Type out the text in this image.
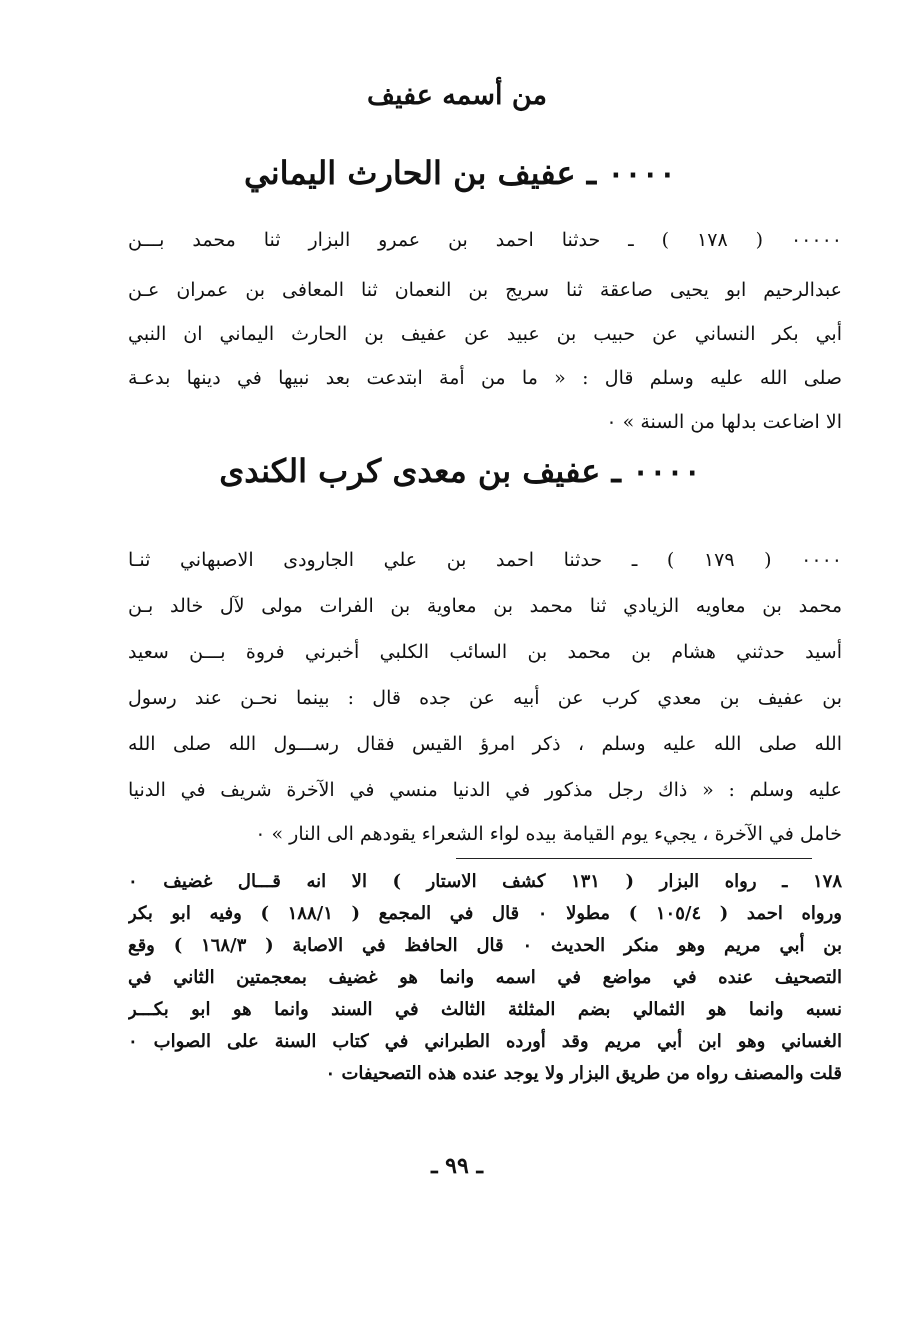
من أسمه عفيف
٠٠٠٠ ـ عفيف بن الحارث اليماني
٠٠٠٠٠ ( ١٧٨ ) ـ حدثنا احمد بن عمرو البزار ثنا محمد بـــن
عبدالرحيم ابو يحيى صاعقة ثنا سريج بن النعمان ثنا المعافى بن عمران عـن
أبي بكر النساني عن حبيب بن عبيد عن عفيف بن الحارث اليماني ان النبي
صلى الله عليه وسلم قال : « ما من أمة ابتدعت بعد نبيها في دينها بدعـة
الا اضاعت بدلها من السنة » ٠
٠٠٠٠ ـ عفيف بن معدى كرب الكندى
٠٠٠٠ ( ١٧٩ ) ـ حدثنا احمد بن علي الجارودى الاصبهاني ثنـا
محمد بن معاويه الزيادي ثنا محمد بن معاوية بن الفرات مولى لآل خالد بـن
أسيد حدثني هشام بن محمد بن السائب الكلبي أخبرني فروة بـــن سعيد
بن عفيف بن معدي كرب عن أبيه عن جده قال : بينما نحـن عند رسول
الله صلى الله عليه وسلم ، ذكر امرؤ القيس فقال رســـول الله صلى الله
عليه وسلم : « ذاك رجل مذكور في الدنيا منسي في الآخرة شريف في الدنيا
خامل في الآخرة ، يجيء يوم القيامة بيده لواء الشعراء يقودهم الى النار » ٠
١٧٨ ـ رواه البزار ( ١٣١ كشف الاستار ) الا انه قـــال غضيف ٠
ورواه احمد ( ١٠٥/٤ ) مطولا ٠ قال في المجمع ( ١٨٨/١ ) وفيه ابو بكر
بن أبي مريم وهو منكر الحديث ٠ قال الحافظ في الاصابة ( ١٦٨/٣ ) وقع
التصحيف عنده في مواضع في اسمه وانما هو غضيف بمعجمتين الثاني في
نسبه وانما هو الثمالي بضم المثلثة الثالث في السند وانما هو ابو بكـــر
الغساني وهو ابن أبي مريم وقد أورده الطبراني في كتاب السنة على الصواب ٠
قلت والمصنف رواه من طريق البزار ولا يوجد عنده هذه التصحيفات ٠
ـ ٩٩ ـ
